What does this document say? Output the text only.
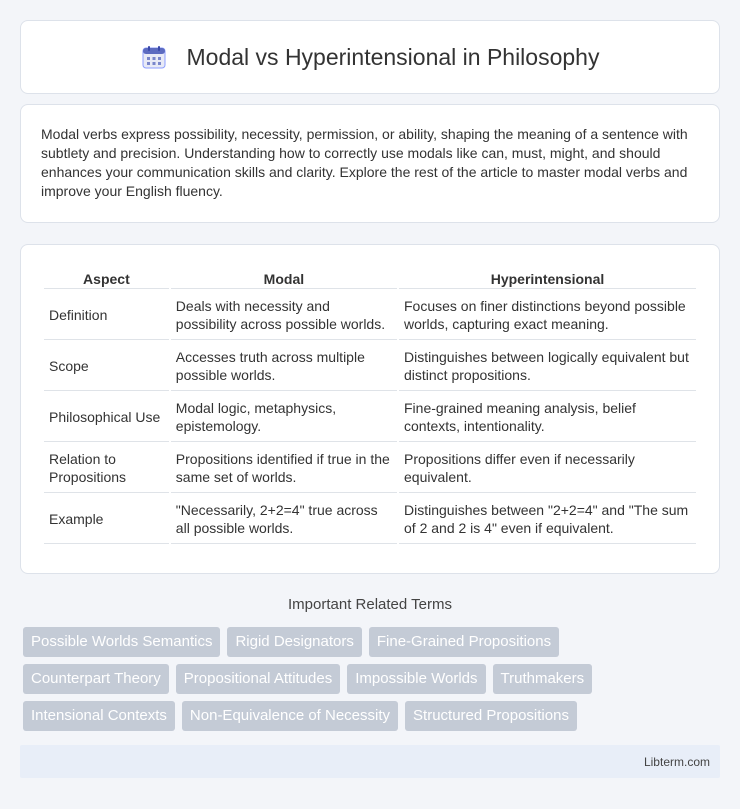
Modal vs Hyperintensional in Philosophy

Modal verbs express possibility, necessity, permission, or ability, shaping the meaning of a sentence with subtlety and precision. Understanding how to correctly use modals like can, must, might, and should enhances your communication skills and clarity. Explore the rest of the article to master modal verbs and improve your English fluency.

Aspect	Modal	Hyperintensional
Definition	Deals with necessity and possibility across possible worlds.	Focuses on finer distinctions beyond possible worlds, capturing exact meaning.
Scope	Accesses truth across multiple possible worlds.	Distinguishes between logically equivalent but distinct propositions.
Philosophical Use	Modal logic, metaphysics, epistemology.	Fine-grained meaning analysis, belief contexts, intentionality.
Relation to Propositions	Propositions identified if true in the same set of worlds.	Propositions differ even if necessarily equivalent.
Example	"Necessarily, 2+2=4" true across all possible worlds.	Distinguishes between "2+2=4" and "The sum of 2 and 2 is 4" even if equivalent.
Important Related Terms
Possible Worlds Semantics	Rigid Designators	Fine-Grained Propositions
Counterpart Theory	Propositional Attitudes	Impossible Worlds	Truthmakers
Intensional Contexts	Non-Equivalence of Necessity	Structured Propositions
Libterm.com
